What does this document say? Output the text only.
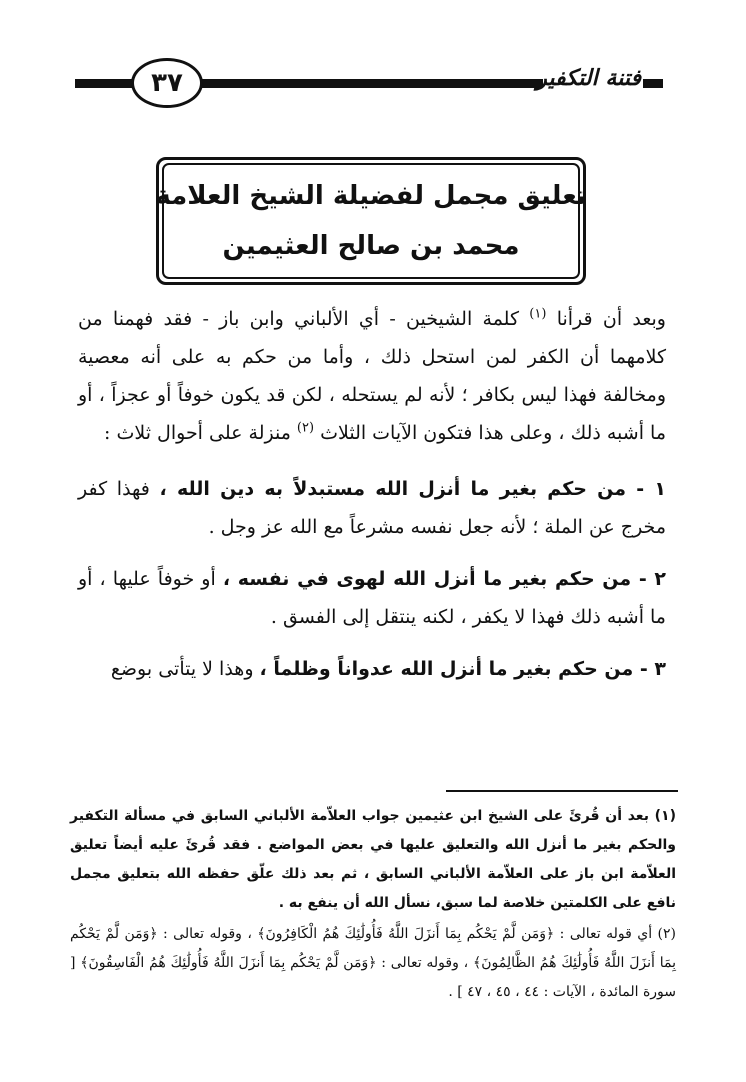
٣٧	فتنة التكفير
تعليق مجمل لفضيلة الشيخ العلامة
محمد بن صالح العثيمين

وبعد أن قرأنا $^{(١)}$ كلمة الشيخين - أي الألباني وابن باز - فقد فهمنا من كلامهما أن الكفر لمن استحل ذلك ، وأما من حكم به على أنه معصية ومخالفة فهذا ليس بكافر ؛ لأنه لم يستحله ، لكن قد يكون خوفاً أو عجزاً ، أو ما أشبه ذلك ، وعلى هذا فتكون الآيات الثلاث $^{(٢)}$ منزلة على أحوال ثلاث :

١ - من حكم بغير ما أنزل الله مستبدلاً به دين الله ، فهذا كفر مخرج عن الملة ؛ لأنه جعل نفسه مشرعاً مع الله عز وجل .

٢ - من حكم بغير ما أنزل الله لهوى في نفسه ، أو خوفاً عليها ، أو ما أشبه ذلك فهذا لا يكفر ، لكنه ينتقل إلى الفسق .

٣ - من حكم بغير ما أنزل الله عدواناً وظلماً ، وهذا لا يتأتى بوضع

(١) بعد أن قُرئَ على الشيخ ابن عثيمين جواب العلاّمة الألباني السابق في مسألة التكفير والحكم بغير ما أنزل الله والتعليق عليها في بعض المواضع . فقد قُرئَ عليه أيضاً تعليق العلاّمة ابن باز على العلاّمة الألباني السابق ، ثم بعد ذلك علّق حفظه الله بتعليق مجمل نافع على الكلمتين خلاصة لما سبق، نسأل الله أن ينفع به .

(٢) أي قوله تعالى : ﴿وَمَن لَّمْ يَحْكُم بِمَا أَنزَلَ اللَّهُ فَأُولَٰئِكَ هُمُ الْكَافِرُونَ﴾ ، وقوله تعالى : ﴿وَمَن لَّمْ يَحْكُم بِمَا أَنزَلَ اللَّهُ فَأُولَٰئِكَ هُمُ الظَّالِمُونَ﴾ ، وقوله تعالى : ﴿وَمَن لَّمْ يَحْكُم بِمَا أَنزَلَ اللَّهُ فَأُولَٰئِكَ هُمُ الْفَاسِقُونَ﴾ [ سورة المائدة ، الآيات : ٤٤ ، ٤٥ ، ٤٧ ] .
